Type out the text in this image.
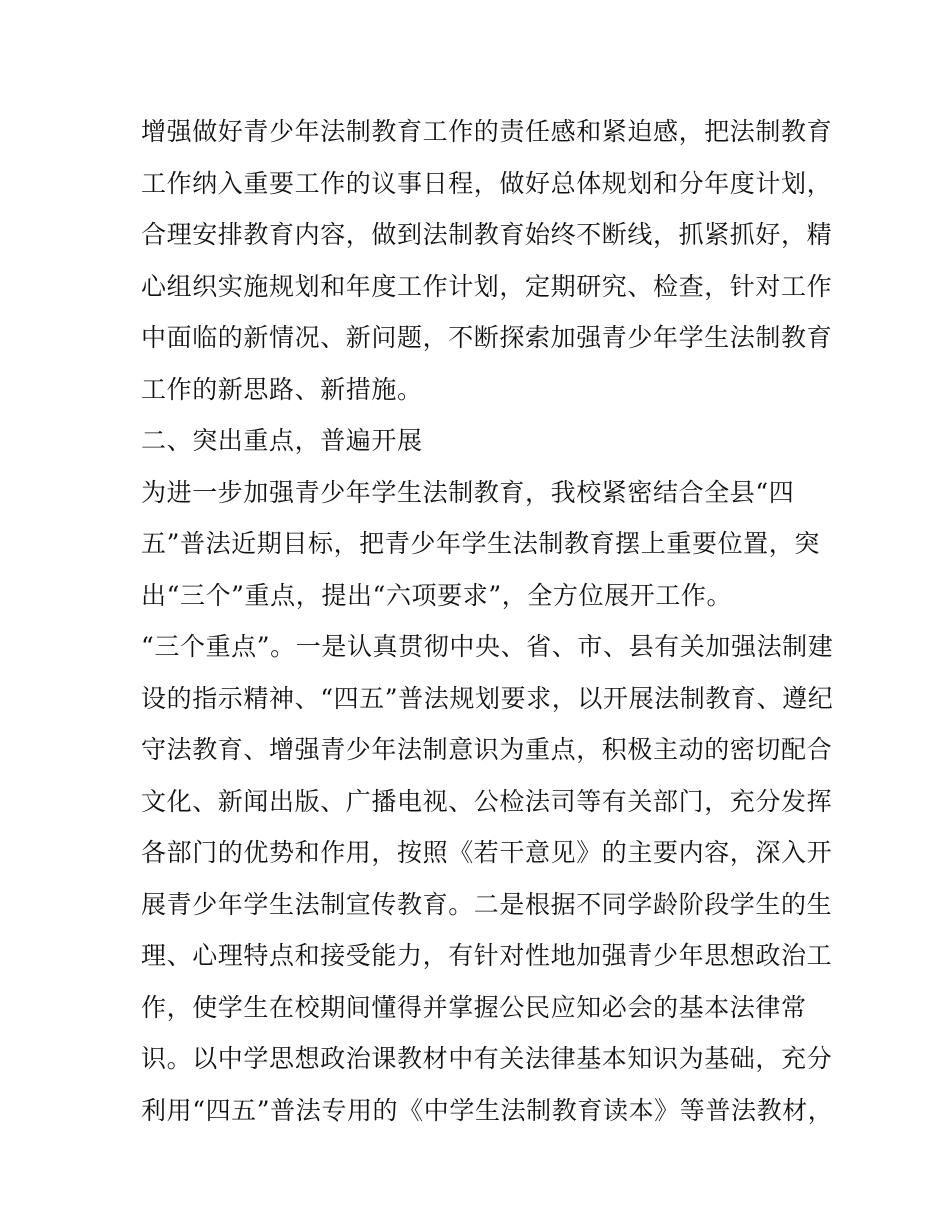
增强做好青少年法制教育工作的责任感和紧迫感，把法制教育
工作纳入重要工作的议事日程，做好总体规划和分年度计划，
合理安排教育内容，做到法制教育始终不断线，抓紧抓好，精
心组织实施规划和年度工作计划，定期研究、检查，针对工作
中面临的新情况、新问题，不断探索加强青少年学生法制教育
工作的新思路、新措施。
二、突出重点，普遍开展
为进一步加强青少年学生法制教育，我校紧密结合全县“四
五”普法近期目标，把青少年学生法制教育摆上重要位置，突
出“三个”重点，提出“六项要求”，全方位展开工作。
“三个重点”。一是认真贯彻中央、省、市、县有关加强法制建
设的指示精神、“四五”普法规划要求，以开展法制教育、遵纪
守法教育、增强青少年法制意识为重点，积极主动的密切配合
文化、新闻出版、广播电视、公检法司等有关部门，充分发挥
各部门的优势和作用，按照《若干意见》的主要内容，深入开
展青少年学生法制宣传教育。二是根据不同学龄阶段学生的生
理、心理特点和接受能力，有针对性地加强青少年思想政治工
作，使学生在校期间懂得并掌握公民应知必会的基本法律常
识。以中学思想政治课教材中有关法律基本知识为基础，充分
利用“四五”普法专用的《中学生法制教育读本》等普法教材，
